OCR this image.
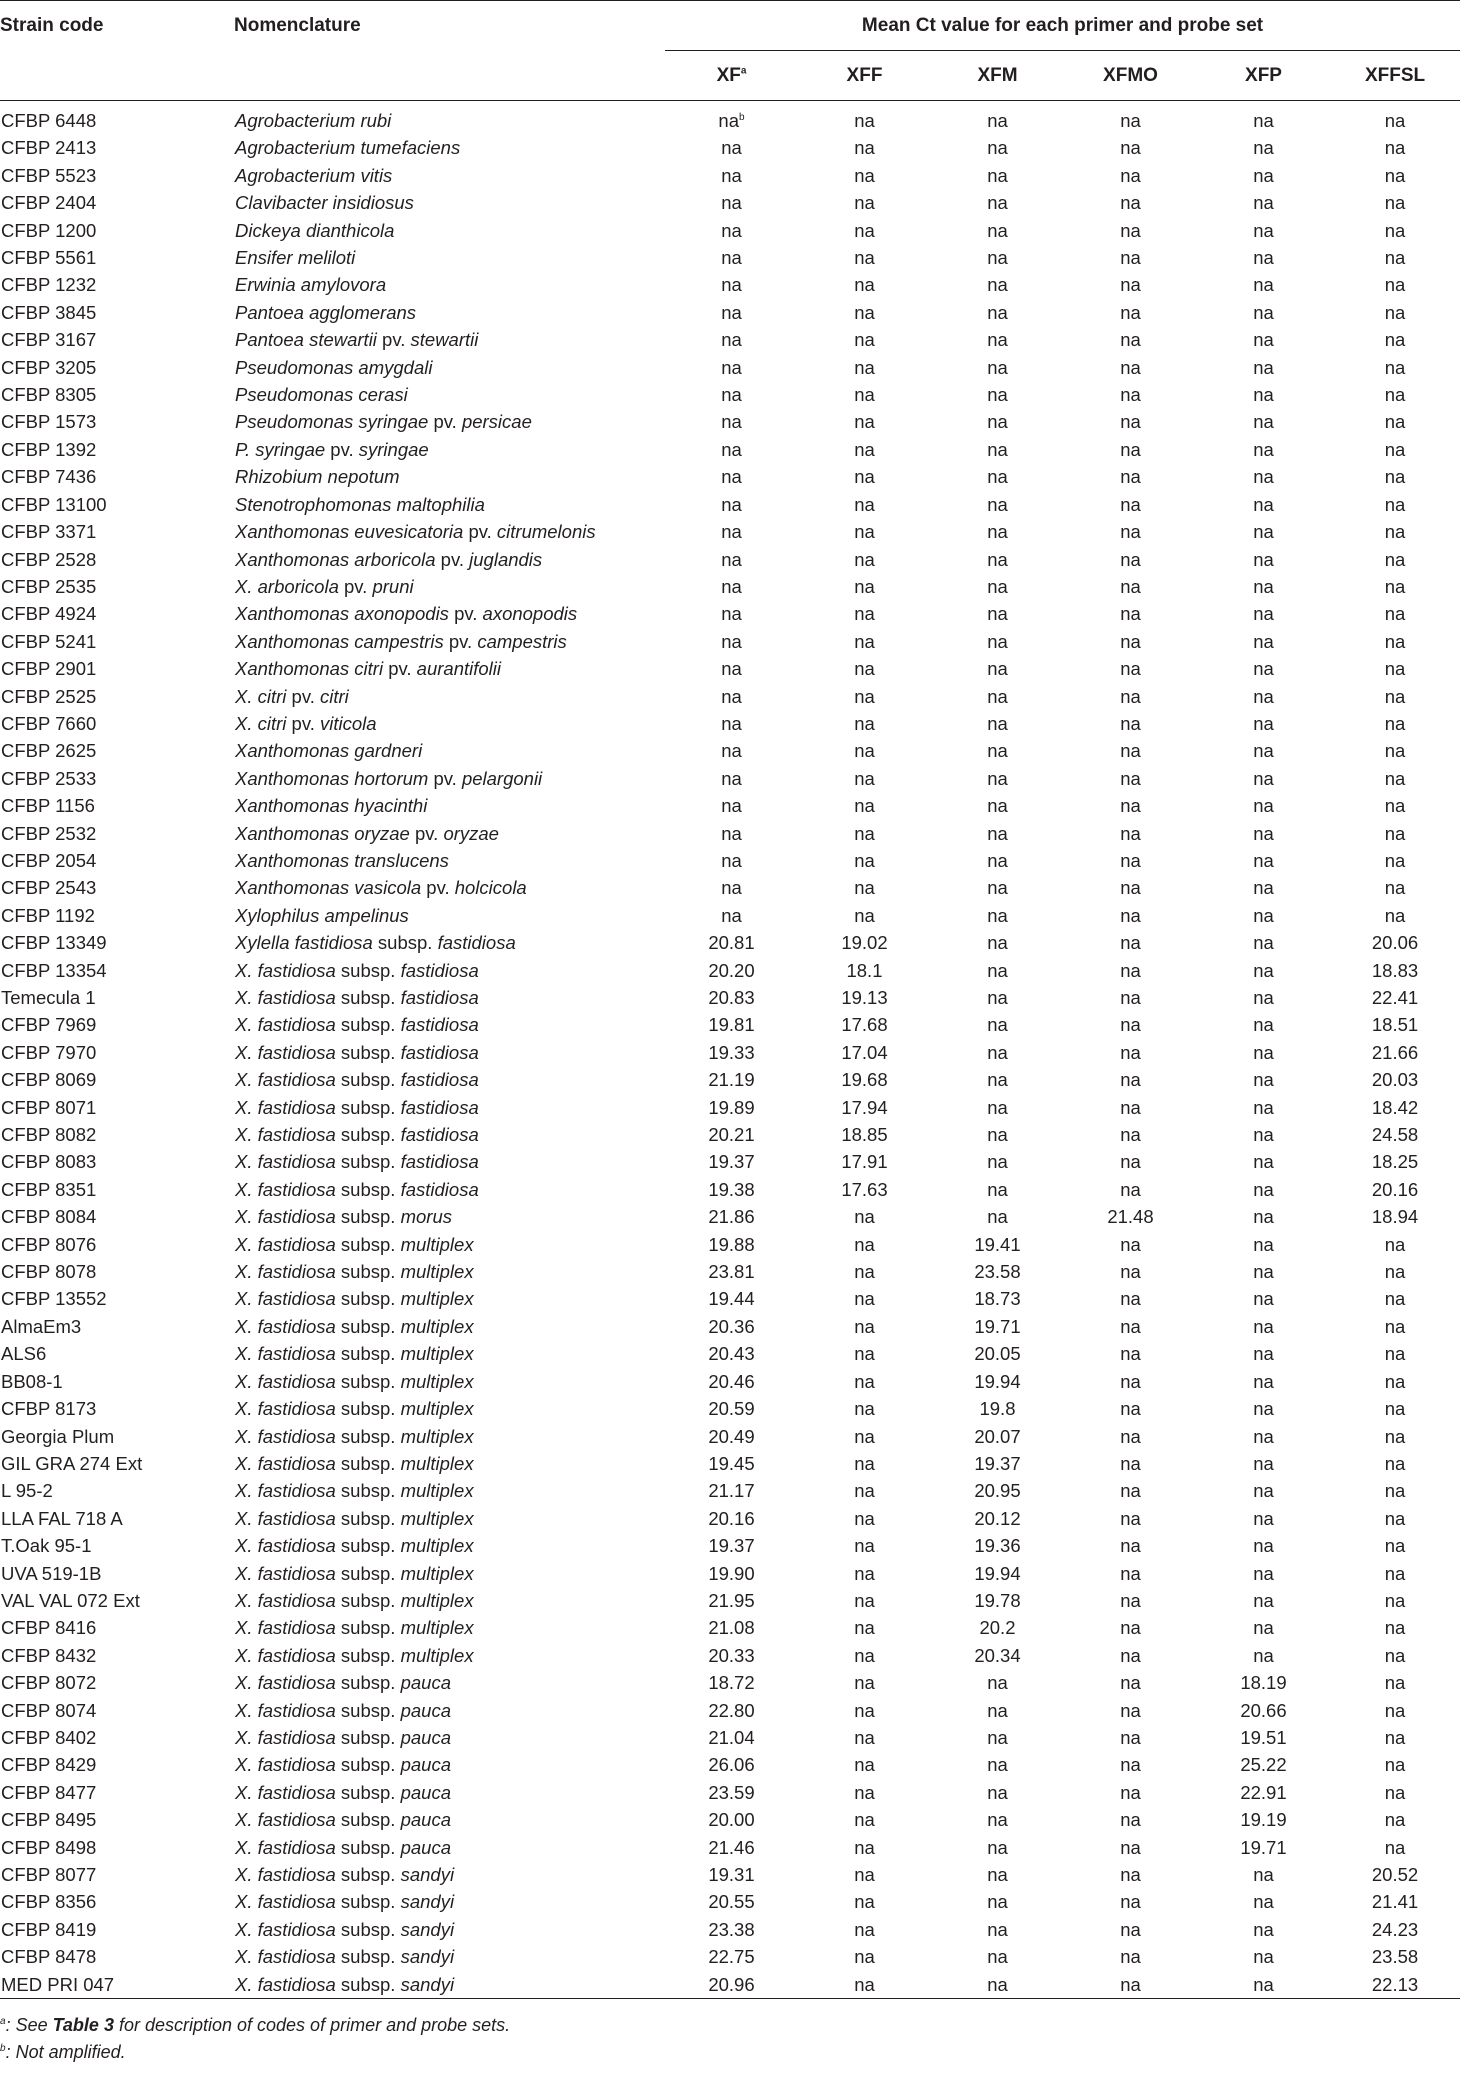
Strain code	Nomenclature	Mean Ct value for each primer and probe set					

		$XF^a$	XFF	XFM	XFMO	XFP	XFFSL
CFBP 6448	Agrobacterium rubi	$na^b$	na	na	na	na	na
CFBP 2413	Agrobacterium tumefaciens	na	na	na	na	na	na
CFBP 5523	Agrobacterium vitis	na	na	na	na	na	na
CFBP 2404	Clavibacter insidiosus	na	na	na	na	na	na
CFBP 1200	Dickeya dianthicola	na	na	na	na	na	na
CFBP 5561	Ensifer meliloti	na	na	na	na	na	na
CFBP 1232	Erwinia amylovora	na	na	na	na	na	na
CFBP 3845	Pantoea agglomerans	na	na	na	na	na	na
CFBP 3167	Pantoea stewartii pv. stewartii	na	na	na	na	na	na
CFBP 3205	Pseudomonas amygdali	na	na	na	na	na	na
CFBP 8305	Pseudomonas cerasi	na	na	na	na	na	na
CFBP 1573	Pseudomonas syringae pv. persicae	na	na	na	na	na	na
CFBP 1392	P. syringae pv. syringae	na	na	na	na	na	na
CFBP 7436	Rhizobium nepotum	na	na	na	na	na	na
CFBP 13100	Stenotrophomonas maltophilia	na	na	na	na	na	na
CFBP 3371	Xanthomonas euvesicatoria pv. citrumelonis	na	na	na	na	na	na
CFBP 2528	Xanthomonas arboricola pv. juglandis	na	na	na	na	na	na
CFBP 2535	X. arboricola pv. pruni	na	na	na	na	na	na
CFBP 4924	Xanthomonas axonopodis pv. axonopodis	na	na	na	na	na	na
CFBP 5241	Xanthomonas campestris pv. campestris	na	na	na	na	na	na
CFBP 2901	Xanthomonas citri pv. aurantifolii	na	na	na	na	na	na
CFBP 2525	X. citri pv. citri	na	na	na	na	na	na
CFBP 7660	X. citri pv. viticola	na	na	na	na	na	na
CFBP 2625	Xanthomonas gardneri	na	na	na	na	na	na
CFBP 2533	Xanthomonas hortorum pv. pelargonii	na	na	na	na	na	na
CFBP 1156	Xanthomonas hyacinthi	na	na	na	na	na	na
CFBP 2532	Xanthomonas oryzae pv. oryzae	na	na	na	na	na	na
CFBP 2054	Xanthomonas translucens	na	na	na	na	na	na
CFBP 2543	Xanthomonas vasicola pv. holcicola	na	na	na	na	na	na
CFBP 1192	Xylophilus ampelinus	na	na	na	na	na	na
CFBP 13349	Xylella fastidiosa subsp. fastidiosa	20.81	19.02	na	na	na	20.06
CFBP 13354	X. fastidiosa subsp. fastidiosa	20.20	18.1	na	na	na	18.83
Temecula 1	X. fastidiosa subsp. fastidiosa	20.83	19.13	na	na	na	22.41
CFBP 7969	X. fastidiosa subsp. fastidiosa	19.81	17.68	na	na	na	18.51
CFBP 7970	X. fastidiosa subsp. fastidiosa	19.33	17.04	na	na	na	21.66
CFBP 8069	X. fastidiosa subsp. fastidiosa	21.19	19.68	na	na	na	20.03
CFBP 8071	X. fastidiosa subsp. fastidiosa	19.89	17.94	na	na	na	18.42
CFBP 8082	X. fastidiosa subsp. fastidiosa	20.21	18.85	na	na	na	24.58
CFBP 8083	X. fastidiosa subsp. fastidiosa	19.37	17.91	na	na	na	18.25
CFBP 8351	X. fastidiosa subsp. fastidiosa	19.38	17.63	na	na	na	20.16
CFBP 8084	X. fastidiosa subsp. morus	21.86	na	na	21.48	na	18.94
CFBP 8076	X. fastidiosa subsp. multiplex	19.88	na	19.41	na	na	na
CFBP 8078	X. fastidiosa subsp. multiplex	23.81	na	23.58	na	na	na
CFBP 13552	X. fastidiosa subsp. multiplex	19.44	na	18.73	na	na	na
AlmaEm3	X. fastidiosa subsp. multiplex	20.36	na	19.71	na	na	na
ALS6	X. fastidiosa subsp. multiplex	20.43	na	20.05	na	na	na
BB08-1	X. fastidiosa subsp. multiplex	20.46	na	19.94	na	na	na
CFBP 8173	X. fastidiosa subsp. multiplex	20.59	na	19.8	na	na	na
Georgia Plum	X. fastidiosa subsp. multiplex	20.49	na	20.07	na	na	na
GIL GRA 274 Ext	X. fastidiosa subsp. multiplex	19.45	na	19.37	na	na	na
L 95-2	X. fastidiosa subsp. multiplex	21.17	na	20.95	na	na	na
LLA FAL 718 A	X. fastidiosa subsp. multiplex	20.16	na	20.12	na	na	na
T.Oak 95-1	X. fastidiosa subsp. multiplex	19.37	na	19.36	na	na	na
UVA 519-1B	X. fastidiosa subsp. multiplex	19.90	na	19.94	na	na	na
VAL VAL 072 Ext	X. fastidiosa subsp. multiplex	21.95	na	19.78	na	na	na
CFBP 8416	X. fastidiosa subsp. multiplex	21.08	na	20.2	na	na	na
CFBP 8432	X. fastidiosa subsp. multiplex	20.33	na	20.34	na	na	na
CFBP 8072	X. fastidiosa subsp. pauca	18.72	na	na	na	18.19	na
CFBP 8074	X. fastidiosa subsp. pauca	22.80	na	na	na	20.66	na
CFBP 8402	X. fastidiosa subsp. pauca	21.04	na	na	na	19.51	na
CFBP 8429	X. fastidiosa subsp. pauca	26.06	na	na	na	25.22	na
CFBP 8477	X. fastidiosa subsp. pauca	23.59	na	na	na	22.91	na
CFBP 8495	X. fastidiosa subsp. pauca	20.00	na	na	na	19.19	na
CFBP 8498	X. fastidiosa subsp. pauca	21.46	na	na	na	19.71	na
CFBP 8077	X. fastidiosa subsp. sandyi	19.31	na	na	na	na	20.52
CFBP 8356	X. fastidiosa subsp. sandyi	20.55	na	na	na	na	21.41
CFBP 8419	X. fastidiosa subsp. sandyi	23.38	na	na	na	na	24.23
CFBP 8478	X. fastidiosa subsp. sandyi	22.75	na	na	na	na	23.58
MED PRI 047	X. fastidiosa subsp. sandyi	20.96	na	na	na	na	22.13
$^a$: See Table 3 for description of codes of primer and probe sets.
$^b$: Not amplified.
